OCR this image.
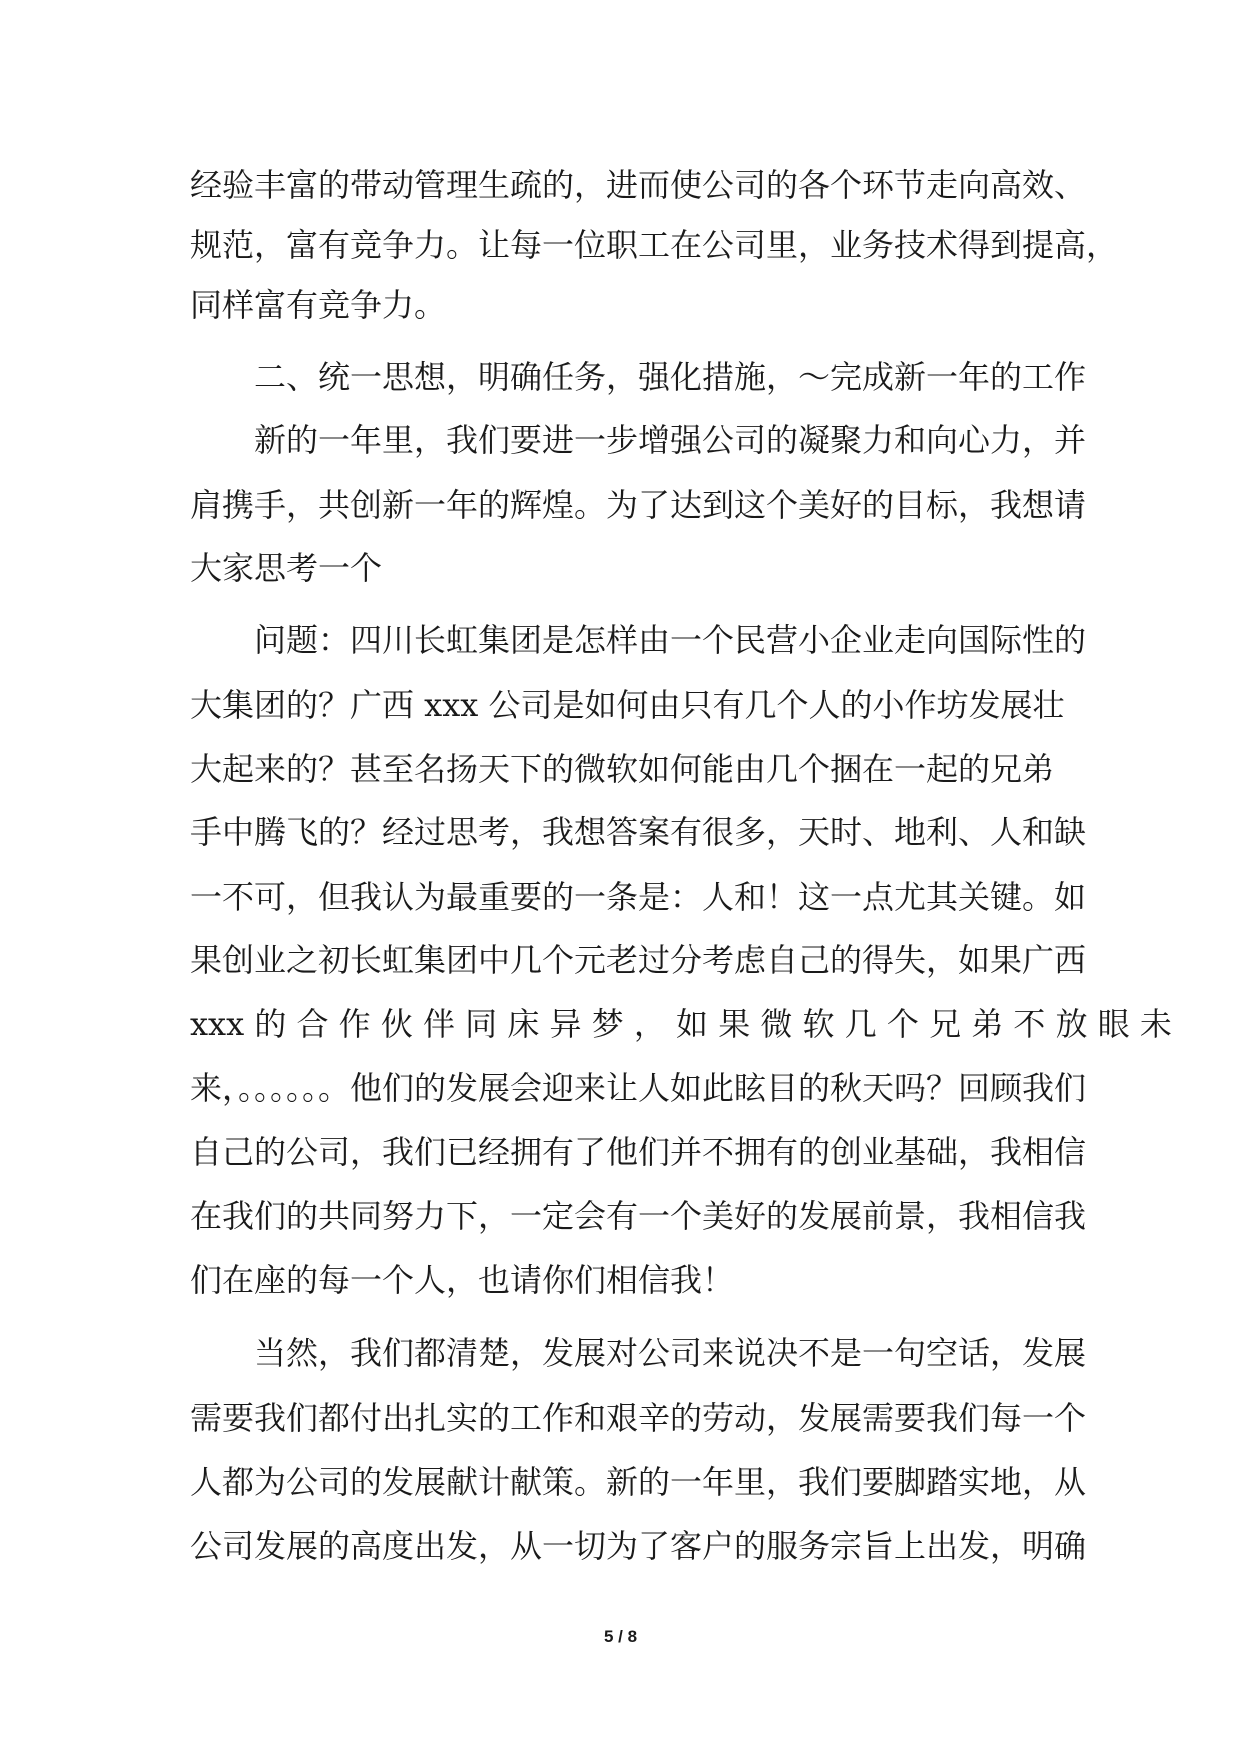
经验丰富的带动管理生疏的，进而使公司的各个环节走向高效、
规范，富有竞争力。让每一位职工在公司里，业务技术得到提高，
同样富有竞争力。
二、统一思想，明确任务，强化措施，～完成新一年的工作
新的一年里，我们要进一步增强公司的凝聚力和向心力，并
肩携手，共创新一年的辉煌。为了达到这个美好的目标，我想请
大家思考一个
问题：四川长虹集团是怎样由一个民营小企业走向国际性的
大集团的？广西 xxx 公司是如何由只有几个人的小作坊发展壮
大起来的？甚至名扬天下的微软如何能由几个捆在一起的兄弟
手中腾飞的？经过思考，我想答案有很多，天时、地利、人和缺
一不可，但我认为最重要的一条是：人和！这一点尤其关键。如
果创业之初长虹集团中几个元老过分考虑自己的得失，如果广西
xxx 的 合 作 伙 伴 同 床 异 梦 ， 如 果 微 软 几 个 兄 弟 不 放 眼 未
来，。。。。。。他们的发展会迎来让人如此眩目的秋天吗？回顾我们
自己的公司，我们已经拥有了他们并不拥有的创业基础，我相信
在我们的共同努力下，一定会有一个美好的发展前景，我相信我
们在座的每一个人，也请你们相信我！
当然，我们都清楚，发展对公司来说决不是一句空话，发展
需要我们都付出扎实的工作和艰辛的劳动，发展需要我们每一个
人都为公司的发展献计献策。新的一年里，我们要脚踏实地，从
公司发展的高度出发，从一切为了客户的服务宗旨上出发，明确
5 / 8
